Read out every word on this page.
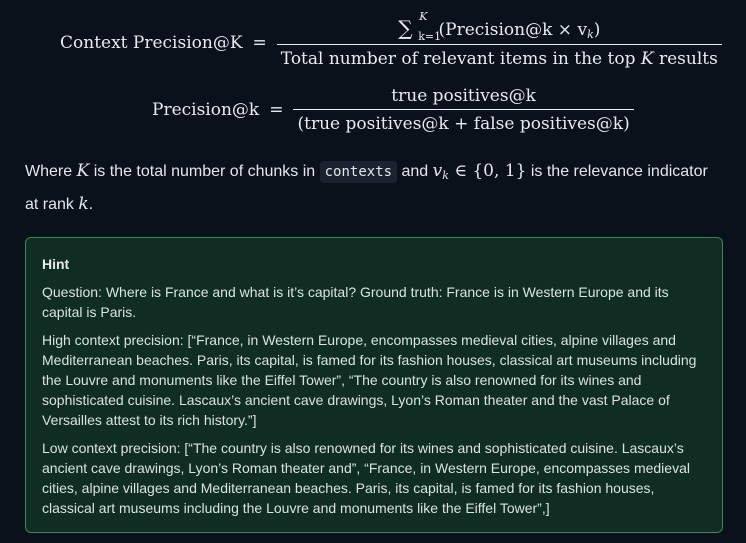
Context Precision@K = ∑ K
k=1
(Precision@k × $v_k$)
Total number of relevant items in the top K results
Precision@k = $\frac{\text{true positives@k}}{\text{(true positives@k + false positives@k)}}$
Where K is the total number of chunks in contexts and $v_k$ ∈ {0, 1} is the relevance indicator at rank k.
Hint

Question: Where is France and what is it’s capital? Ground truth: France is in Western Europe and its capital is Paris.

High context precision: [“France, in Western Europe, encompasses medieval cities, alpine villages and Mediterranean beaches. Paris, its capital, is famed for its fashion houses, classical art museums including the Louvre and monuments like the Eiffel Tower”, “The country is also renowned for its wines and sophisticated cuisine. Lascaux’s ancient cave drawings, Lyon’s Roman theater and the vast Palace of Versailles attest to its rich history.”]

Low context precision: [“The country is also renowned for its wines and sophisticated cuisine. Lascaux’s ancient cave drawings, Lyon’s Roman theater and”, “France, in Western Europe, encompasses medieval cities, alpine villages and Mediterranean beaches. Paris, its capital, is famed for its fashion houses, classical art museums including the Louvre and monuments like the Eiffel Tower”,]
